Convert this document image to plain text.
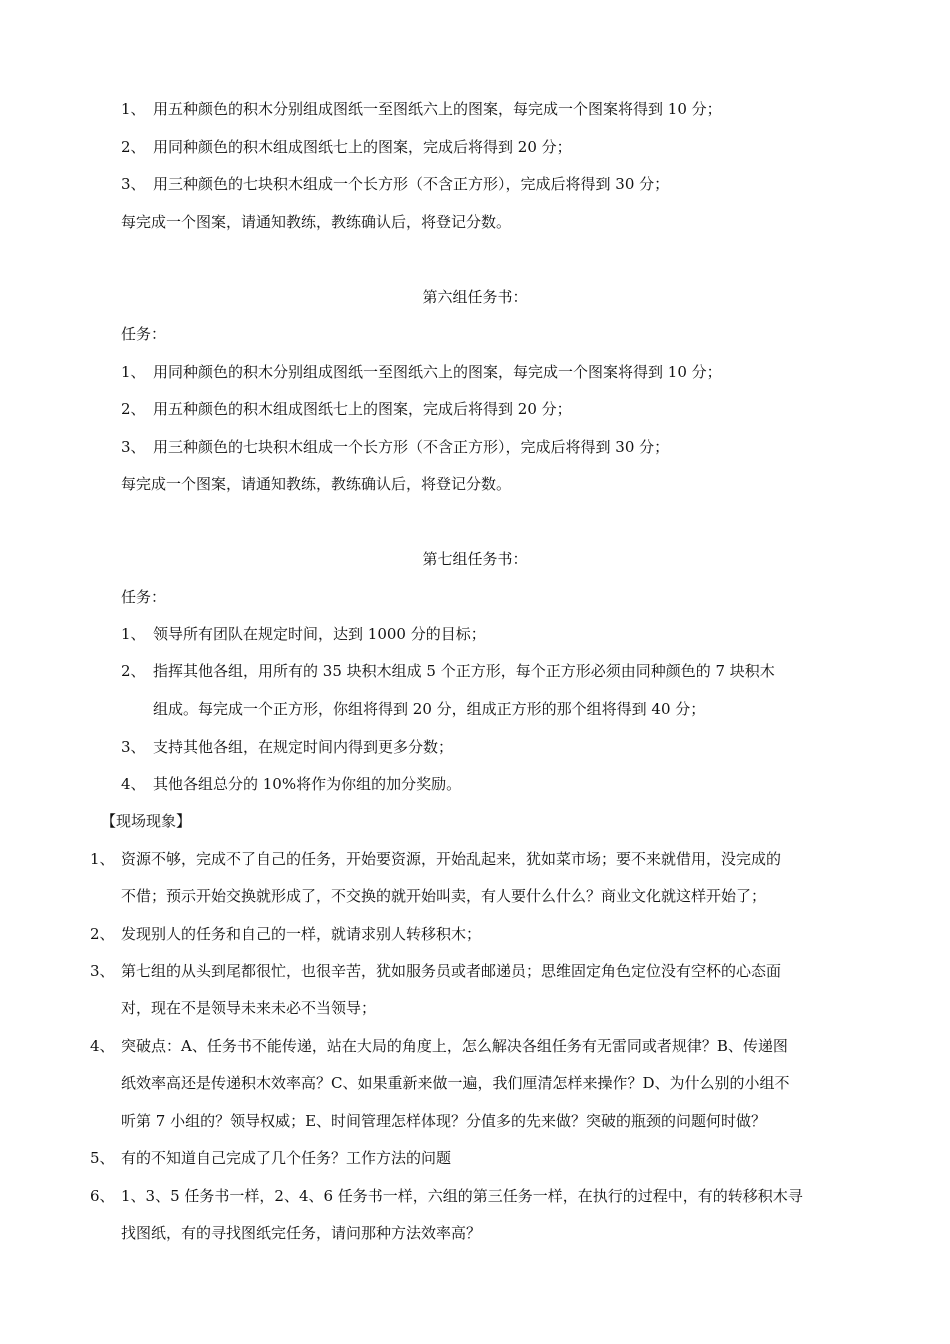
1、 用五种颜色的积木分别组成图纸一至图纸六上的图案，每完成一个图案将得到 10 分；
2、 用同种颜色的积木组成图纸七上的图案，完成后将得到 20 分；
3、 用三种颜色的七块积木组成一个长方形（不含正方形），完成后将得到 30 分；
每完成一个图案，请通知教练，教练确认后，将登记分数。
第六组任务书：
任务：
1、 用同种颜色的积木分别组成图纸一至图纸六上的图案，每完成一个图案将得到 10 分；
2、 用五种颜色的积木组成图纸七上的图案，完成后将得到 20 分；
3、 用三种颜色的七块积木组成一个长方形（不含正方形），完成后将得到 30 分；
每完成一个图案，请通知教练，教练确认后，将登记分数。
第七组任务书：
任务：
1、 领导所有团队在规定时间，达到 1000 分的目标；
2、 指挥其他各组，用所有的 35 块积木组成 5 个正方形，每个正方形必须由同种颜色的 7 块积木
组成。每完成一个正方形，你组将得到 20 分，组成正方形的那个组将得到 40 分；
3、 支持其他各组，在规定时间内得到更多分数；
4、 其他各组总分的 10%将作为你组的加分奖励。
【现场现象】
1、 资源不够，完成不了自己的任务，开始要资源，开始乱起来，犹如菜市场；要不来就借用，没完成的
不借；预示开始交换就形成了，不交换的就开始叫卖，有人要什么什么？商业文化就这样开始了；
2、 发现别人的任务和自己的一样，就请求别人转移积木；
3、 第七组的从头到尾都很忙，也很辛苦，犹如服务员或者邮递员；思维固定角色定位没有空杯的心态面
对，现在不是领导未来未必不当领导；
4、 突破点：A、任务书不能传递，站在大局的角度上，怎么解决各组任务有无雷同或者规律？B、传递图
纸效率高还是传递积木效率高？C、如果重新来做一遍，我们厘清怎样来操作？D、为什么别的小组不
听第 7 小组的？领导权威；E、时间管理怎样体现？分值多的先来做？突破的瓶颈的问题何时做？
5、 有的不知道自己完成了几个任务？工作方法的问题
6、 1、3、5 任务书一样，2、4、6 任务书一样，六组的第三任务一样，在执行的过程中，有的转移积木寻
找图纸，有的寻找图纸完任务，请问那种方法效率高？
